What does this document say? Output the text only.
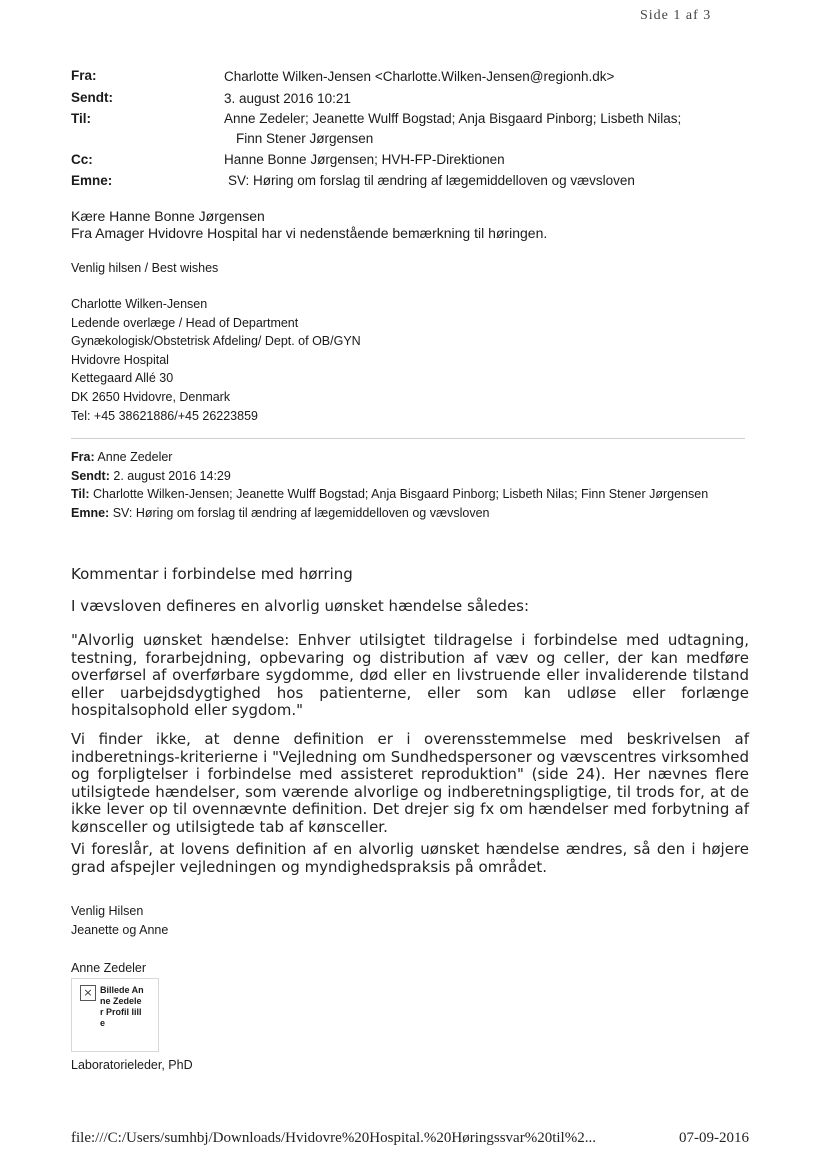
Side 1 af 3
Fra:	Charlotte Wilken-Jensen <Charlotte.Wilken-Jensen@regionh.dk>
Sendt:	3. august 2016 10:21
Til:	Anne Zedeler; Jeanette Wulff Bogstad; Anja Bisgaard Pinborg; Lisbeth Nilas;
Finn Stener Jørgensen
Cc:	Hanne Bonne Jørgensen; HVH-FP-Direktionen
Emne:	SV: Høring om forslag til ændring af lægemiddelloven og vævsloven
Kære Hanne Bonne Jørgensen
Fra Amager Hvidovre Hospital har vi nedenstående bemærkning til høringen.
Venlig hilsen / Best wishes
Charlotte Wilken-Jensen
Ledende overlæge / Head of Department
Gynækologisk/Obstetrisk Afdeling/ Dept. of OB/GYN
Hvidovre Hospital
Kettegaard Allé 30
DK 2650 Hvidovre, Denmark
Tel: +45 38621886/+45 26223859
Fra: Anne Zedeler
Sendt: 2. august 2016 14:29
Til: Charlotte Wilken-Jensen; Jeanette Wulff Bogstad; Anja Bisgaard Pinborg; Lisbeth Nilas; Finn Stener Jørgensen
Emne: SV: Høring om forslag til ændring af lægemiddelloven og vævsloven
Kommentar i forbindelse med hørring
I vævsloven defineres en alvorlig uønsket hændelse således:
"Alvorlig uønsket hændelse: Enhver utilsigtet tildragelse i forbindelse med udtagning, testning, forarbejdning, opbevaring og distribution af væv og celler, der kan medføre overførsel af overførbare sygdomme, død eller en livstruende eller invaliderende tilstand eller uarbejdsdygtighed hos patienterne, eller som kan udløse eller forlænge hospitalsophold eller sygdom."
Vi finder ikke, at denne definition er i overensstemmelse med beskrivelsen af indberetnings-kriterierne i "Vejledning om Sundhedspersoner og vævscentres virksomhed og forpligtelser i forbindelse med assisteret reproduktion" (side 24). Her nævnes flere utilsigtede hændelser, som værende alvorlige og indberetningspligtige, til trods for, at de ikke lever op til ovennævnte definition. Det drejer sig fx om hændelser med forbytning af kønsceller og utilsigtede tab af kønsceller.
Vi foreslår, at lovens definition af en alvorlig uønsket hændelse ændres, så den i højere grad afspejler vejledningen og myndighedspraksis på området.
Venlig Hilsen
Jeanette og Anne
Anne Zedeler
× Billede Anne Zedeler Profil lille
Laboratorieleder, PhD
file:///C:/Users/sumhbj/Downloads/Hvidovre%20Hospital.%20Høringssvar%20til%2...	07-09-2016
